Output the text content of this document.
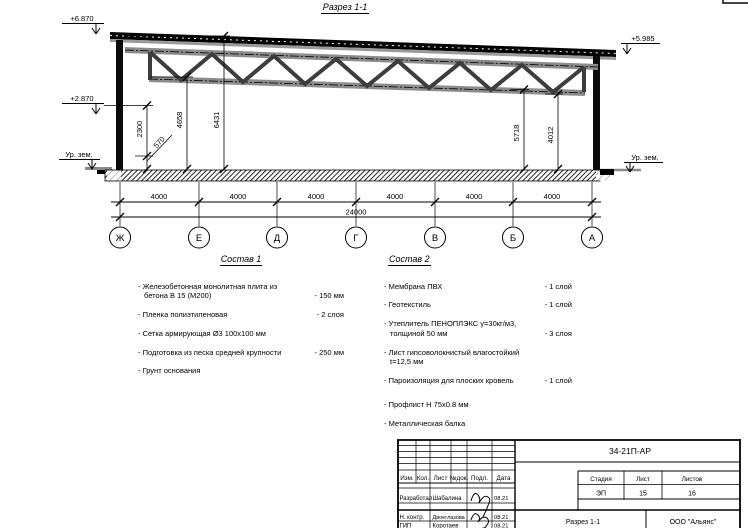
Разрез 1-1
+6.870
+2.870
Ур. зем.
+5.985
Ур. зем.
2300
570
4658	6431
5718	4012
4000	4000	4000	4000	4000	4000
24000
Ж	Е	Д	Г	В	Б	А
Состав 1
- Железобетонная монолитная плита из бетона В 15 (М200)	- 150 мм
- Пленка полиэтиленовая	- 2 слоя
- Сетка армирующая Ø3 100х100 мм
- Подготовка из песка средней крупности	- 250 мм
- Грунт основания
Состав 2
- Мембрана ПВХ	- 1 слой
- Геотекстиль	- 1 слой
- Утеплитель ПЕНОПЛЭКС γ=30кг/м3, толщиной 50 мм	- 3 слоя
- Лист гипсоволокнистый влагостойкий t=12,5 мм
- Пароизоляция для плоских кровель	- 1 слой
- Профлист Н 75х0.8 мм
- Металлическая балка
34-21П-АР
Изм. Кол. Лист №док. Подл. Дата
Разработал Шабалина	08.21
Н. контр. Двоеглазова	08.21
ГИП	Коротаев	08.21
Стадия	Лист	Листов
ЭП	15	16
Разрез 1-1	ООО "Альянс"
